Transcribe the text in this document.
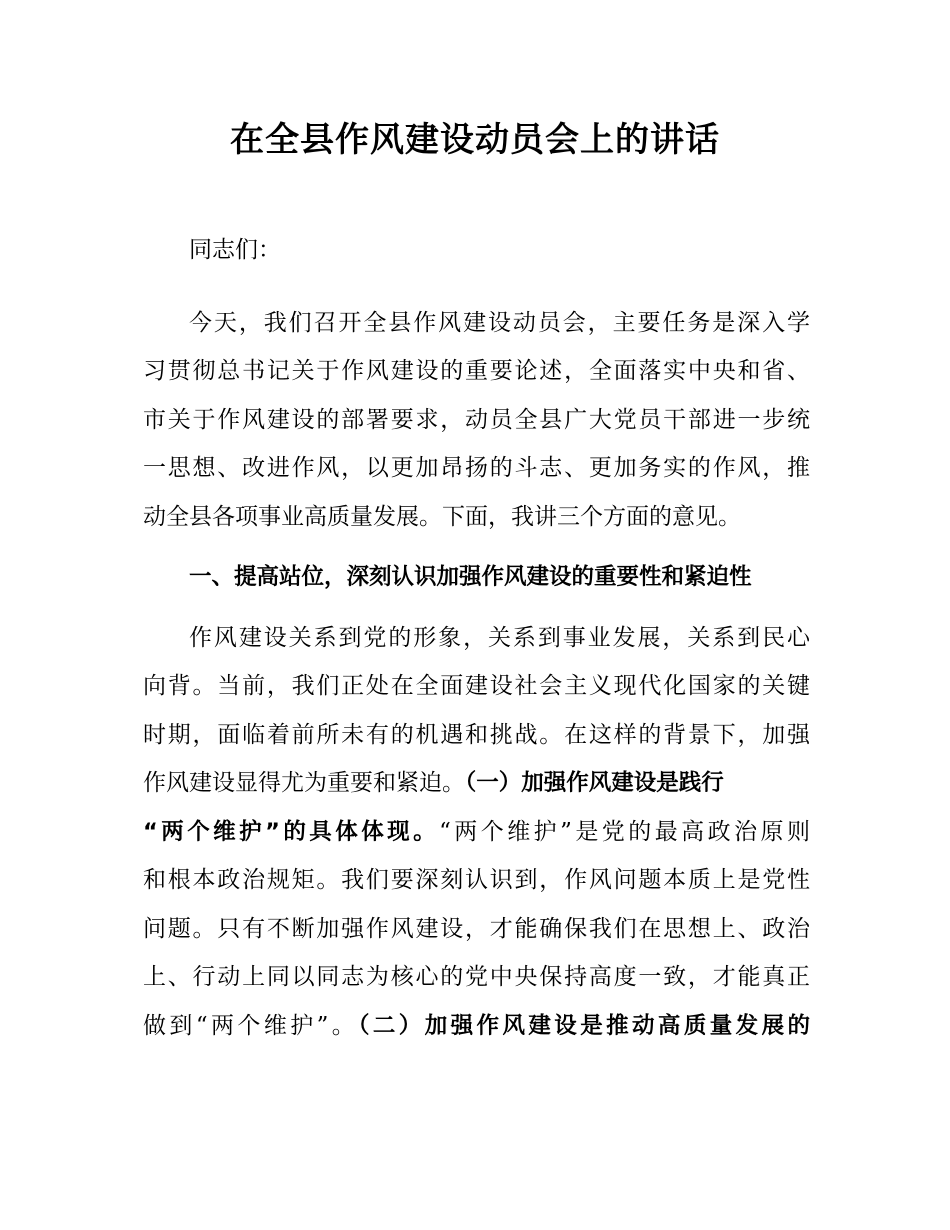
在全县作风建设动员会上的讲话

同志们：

今天，我们召开全县作风建设动员会，主要任务是深入学
习贯彻总书记关于作风建设的重要论述，全面落实中央和省、
市关于作风建设的部署要求，动员全县广大党员干部进一步统
一思想、改进作风，以更加昂扬的斗志、更加务实的作风，推
动全县各项事业高质量发展。下面，我讲三个方面的意见。
一、提高站位，深刻认识加强作风建设的重要性和紧迫性
作风建设关系到党的形象，关系到事业发展，关系到民心
向背。当前，我们正处在全面建设社会主义现代化国家的关键
时期，面临着前所未有的机遇和挑战。在这样的背景下，加强
作风建设显得尤为重要和紧迫。（一）加强作风建设是践行
“两个维护”的具体体现。“两个维护”是党的最高政治原则
和根本政治规矩。我们要深刻认识到，作风问题本质上是党性
问题。只有不断加强作风建设，才能确保我们在思想上、政治
上、行动上同以同志为核心的党中央保持高度一致，才能真正
做到“两个维护”。（二）加强作风建设是推动高质量发展的
